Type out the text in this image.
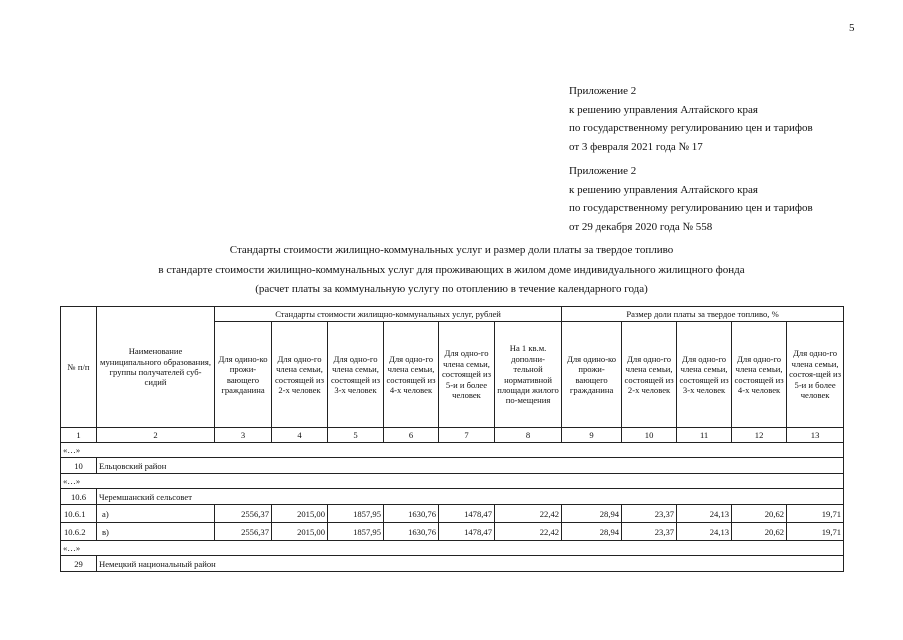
5
Приложение 2
к решению управления Алтайского края
по государственному регулированию цен и тарифов
от 3 февраля 2021 года № 17
Приложение 2
к решению управления Алтайского края
по государственному регулированию цен и тарифов
от 29 декабря 2020 года № 558
Стандарты стоимости жилищно-коммунальных услуг и размер доли платы за твердое топливо
в стандарте стоимости жилищно-коммунальных услуг для проживающих в жилом доме индивидуального жилищного фонда
(расчет платы за коммунальную услугу по отоплению в течение календарного года)
№ п/п	Наименование муниципального образования, группы получателей суб-сидий	Стандарты стоимости жилищно-коммунальных услуг, рублей						Размер доли платы за твердое топливо, %				
		Для одино-ко прожи-вающего гражданина	Для одно-го члена семьи, состоящей из 2-х человек	Для одно-го члена семьи, состоящей из 3-х человек	Для одно-го члена семьи, состоящей из 4-х человек	Для одно-го члена семьи, состоящей из 5-и и более человек	На 1 кв.м. дополни-тельной нормативной площади жилого по-мещения	Для одино-ко прожи-вающего гражданина	Для одно-го члена семьи, состоящей из 2-х человек	Для одно-го члена семьи, состоящей из 3-х человек	Для одно-го члена семьи, состоящей из 4-х человек	Для одно-го члена семьи, состоя-щей из 5-и и более человек
1	2	3	4	5	6	7	8	9	10	11	12	13
«…»												
10	Ельцовский район											
«…»												
10.6	Черемшанский сельсовет											
10.6.1	а)	2556,37	2015,00	1857,95	1630,76	1478,47	22,42	28,94	23,37	24,13	20,62	19,71
10.6.2	в)	2556,37	2015,00	1857,95	1630,76	1478,47	22,42	28,94	23,37	24,13	20,62	19,71
«…»												
29	Немецкий национальный район											
